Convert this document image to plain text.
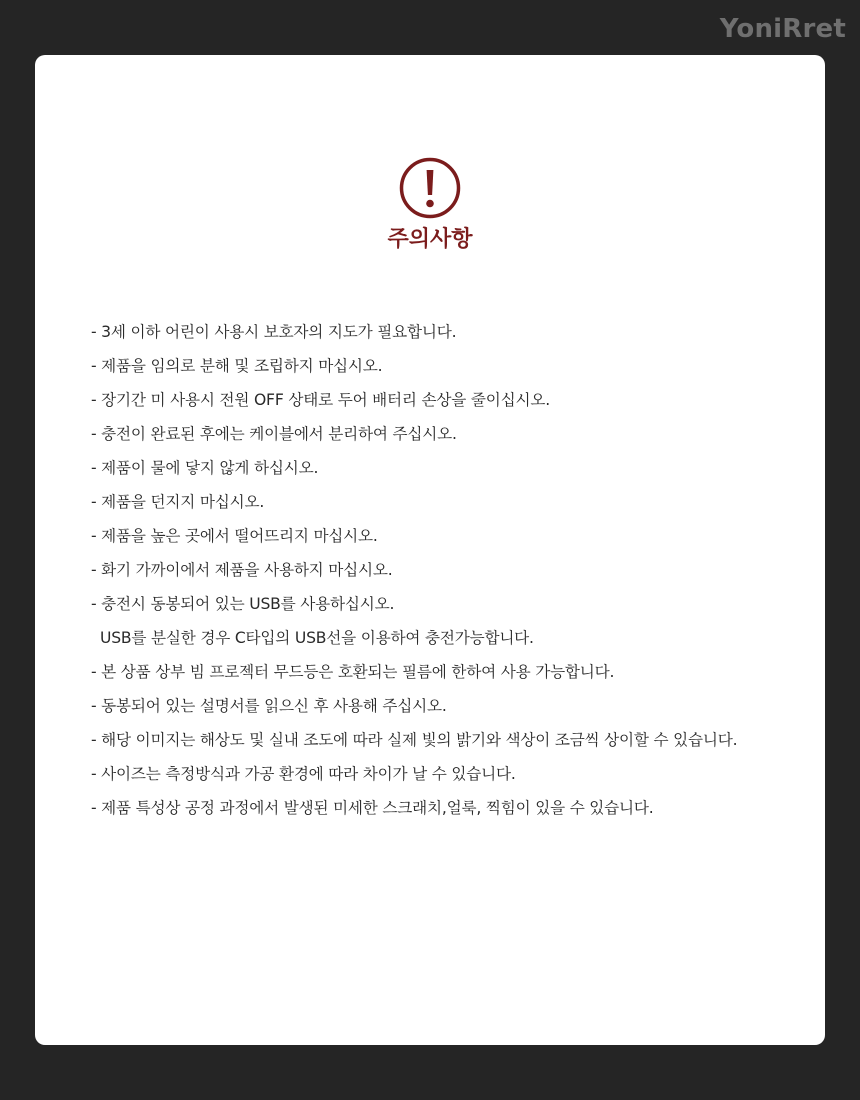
YoniRret
주의사항
- 3세 이하 어린이 사용시 보호자의 지도가 필요합니다.
- 제품을 임의로 분해 및 조립하지 마십시오.
- 장기간 미 사용시 전원 OFF 상태로 두어 배터리 손상을 줄이십시오.
- 충전이 완료된 후에는 케이블에서 분리하여 주십시오.
- 제품이 물에 닿지 않게 하십시오.
- 제품을 던지지 마십시오.
- 제품을 높은 곳에서 떨어뜨리지 마십시오.
- 화기 가까이에서 제품을 사용하지 마십시오.
- 충전시 동봉되어 있는 USB를 사용하십시오.
USB를 분실한 경우 C타입의 USB선을 이용하여 충전가능합니다.
- 본 상품 상부 빔 프로젝터 무드등은 호환되는 필름에 한하여 사용 가능합니다.
- 동봉되어 있는 설명서를 읽으신 후 사용해 주십시오.
- 해당 이미지는 해상도 및 실내 조도에 따라 실제 빛의 밝기와 색상이 조금씩 상이할 수 있습니다.
- 사이즈는 측정방식과 가공 환경에 따라 차이가 날 수 있습니다.
- 제품 특성상 공정 과정에서 발생된 미세한 스크래치,얼룩, 찍힘이 있을 수 있습니다.
